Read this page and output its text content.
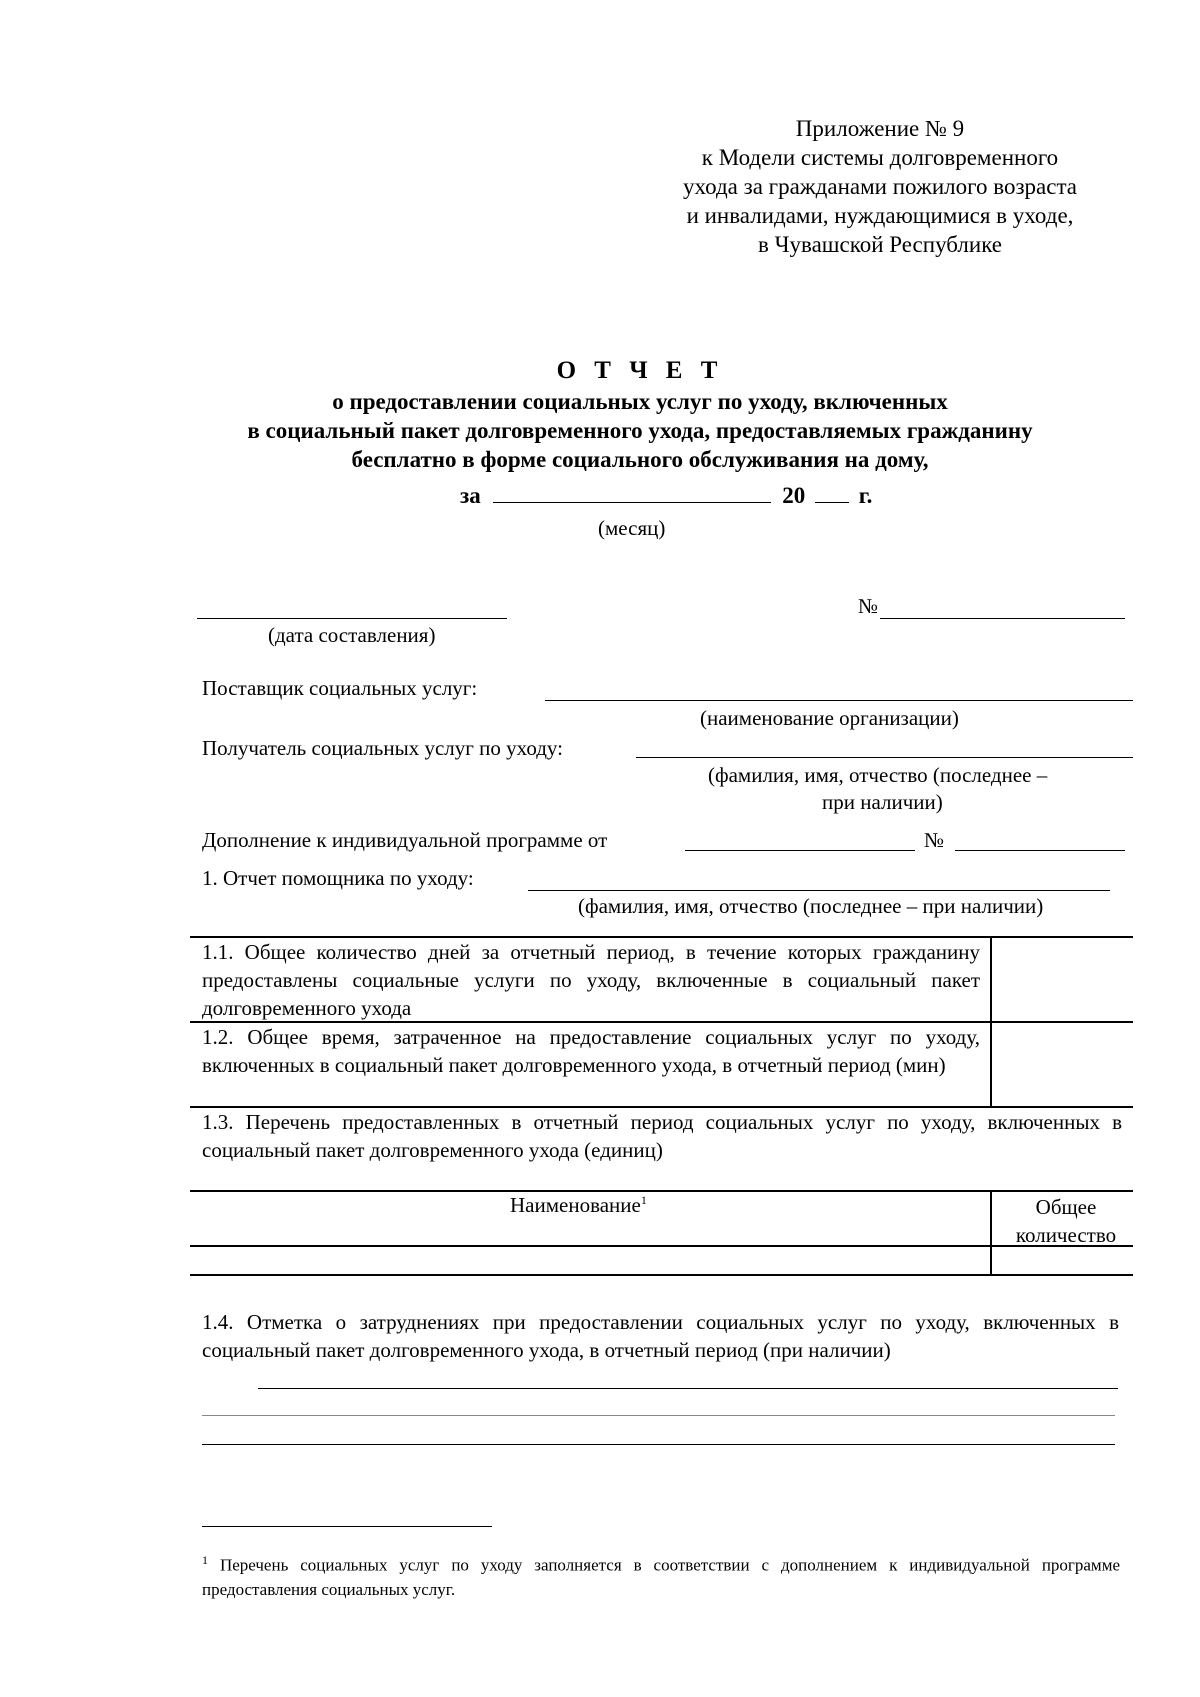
Приложение № 9
к Модели системы долговременного
ухода за гражданами пожилого возраста
и инвалидами, нуждающимися в уходе,
в Чувашской Республике
О Т Ч Е Т
о предоставлении социальных услуг по уходу, включенных
в социальный пакет долговременного ухода, предоставляемых гражданину
бесплатно в форме социального обслуживания на дому,
за	20 г.
(месяц)
(дата составления)
№
Поставщик социальных услуг:
(наименование организации)
Получатель социальных услуг по уходу:
(фамилия, имя, отчество (последнее –
при наличии)
Дополнение к индивидуальной программе от	№
1. Отчет помощника по уходу:
(фамилия, имя, отчество (последнее – при наличии)
1.1. Общее количество дней за отчетный период, в течение которых гражданину предоставлены социальные услуги по уходу, включенные в социальный пакет долговременного ухода
1.2. Общее время, затраченное на предоставление социальных услуг по уходу, включенных в социальный пакет долговременного ухода, в отчетный период (мин)
1.3. Перечень предоставленных в отчетный период социальных услуг по уходу, включенных в социальный пакет долговременного ухода (единиц)
Наименование$^1$	Общее количество
1.4. Отметка о затруднениях при предоставлении социальных услуг по уходу, включенных в социальный пакет долговременного ухода, в отчетный период (при наличии)
$^1$ Перечень социальных услуг по уходу заполняется в соответствии с дополнением к индивидуальной программе предоставления социальных услуг.
